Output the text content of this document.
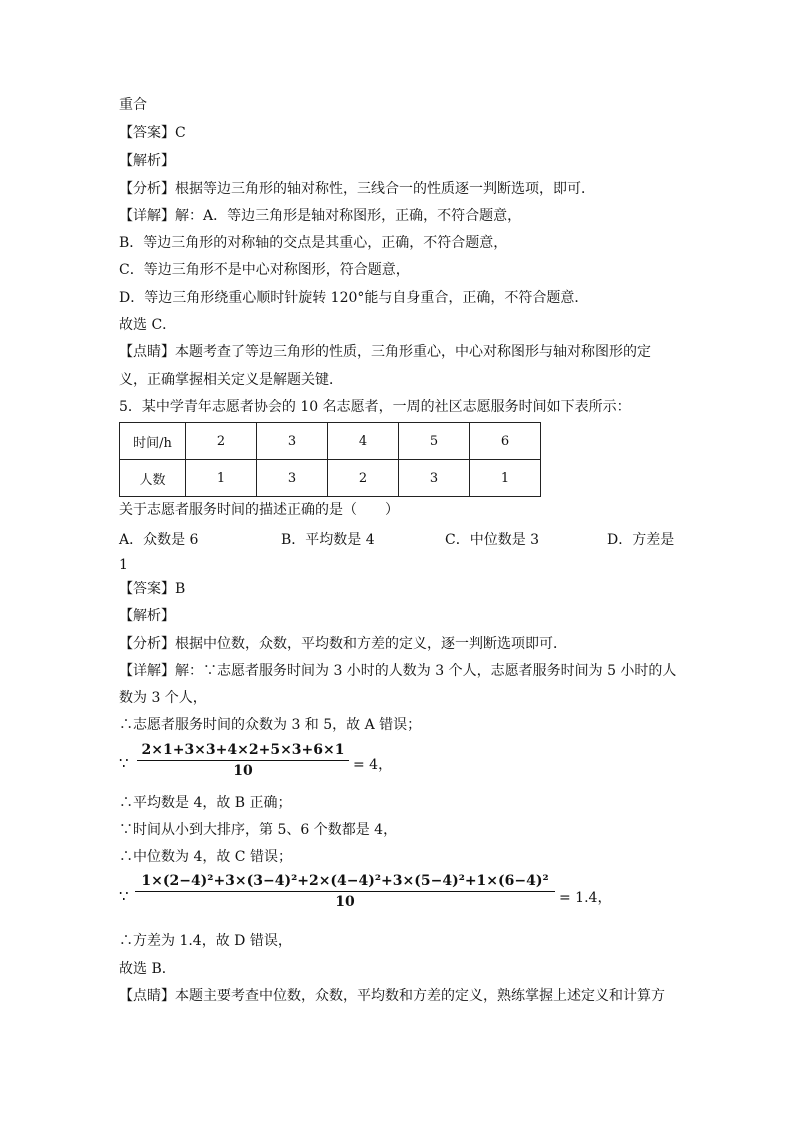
重合
【答案】C
【解析】
【分析】根据等边三角形的轴对称性，三线合一的性质逐一判断选项，即可．
【详解】解：A．等边三角形是轴对称图形，正确，不符合题意，
B．等边三角形的对称轴的交点是其重心，正确，不符合题意，
C．等边三角形不是中心对称图形，符合题意，
D．等边三角形绕重心顺时针旋转 120°能与自身重合，正确，不符合题意．
故选 C．
【点睛】本题考查了等边三角形的性质，三角形重心，中心对称图形与轴对称图形的定
义，正确掌握相关定义是解题关键．
5．某中学青年志愿者协会的 10 名志愿者，一周的社区志愿服务时间如下表所示：
时间/h	2	3	4	5	6
人数	1	3	2	3	1
关于志愿者服务时间的描述正确的是（　　）
A．众数是 6	B．平均数是 4	C．中位数是 3	D．方差是
1
【答案】B
【解析】
【分析】根据中位数，众数，平均数和方差的定义，逐一判断选项即可．
【详解】解：∵志愿者服务时间为 3 小时的人数为 3 个人，志愿者服务时间为 5 小时的人
数为 3 个人，
∴志愿者服务时间的众数为 3 和 5，故 A 错误；
∵
2×1+3×3+4×2+5×3+6×1
10	= 4，
∴平均数是 4，故 B 正确；
∵时间从小到大排序，第 5、6 个数都是 4，
∴中位数为 4，故 C 错误；
∵
1×(2−4)²+3×(3−4)²+2×(4−4)²+3×(5−4)²+1×(6−4)²
10	= 1.4，
∴方差为 1.4，故 D 错误，
故选 B．
【点睛】本题主要考查中位数，众数，平均数和方差的定义，熟练掌握上述定义和计算方
